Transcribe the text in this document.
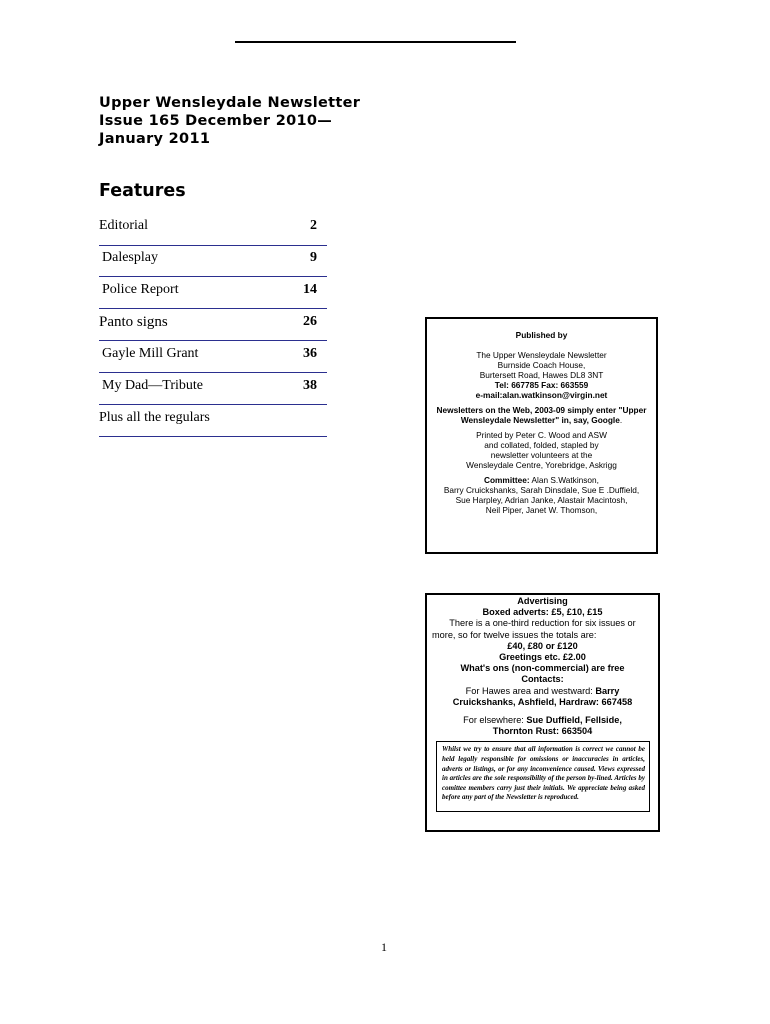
Upper Wensleydale Newsletter
Issue 165 December 2010—
January 2011
Features
Editorial	2
Dalesplay	9
Police Report	14
Panto signs	26
Gayle Mill Grant	36
My Dad—Tribute	38
Plus all the regulars
Published by
The Upper Wensleydale Newsletter
Burnside Coach House,
Burtersett Road, Hawes DL8 3NT
Tel: 667785 Fax: 663559
e-mail:alan.watkinson@virgin.net
Newsletters on the Web, 2003-09 simply enter "Upper
Wensleydale Newsletter" in, say, Google.
Printed by Peter C. Wood and ASW
and collated, folded, stapled by
newsletter volunteers at the
Wensleydale Centre, Yorebridge, Askrigg
Committee: Alan S.Watkinson,
Barry Cruickshanks, Sarah Dinsdale, Sue E .Duffield,
Sue Harpley, Adrian Janke, Alastair Macintosh,
Neil Piper, Janet W. Thomson,
Advertising
Boxed adverts: £5, £10, £15
There is a one-third reduction for six issues or
more, so for twelve issues the totals are:
£40, £80 or £120
Greetings etc. £2.00
What's ons (non-commercial) are free
Contacts:
For Hawes area and westward: Barry
Cruickshanks, Ashfield, Hardraw: 667458
For elsewhere: Sue Duffield, Fellside,
Thornton Rust: 663504
Whilst we try to ensure that all information is correct we cannot be held legally responsible for omissions or inaccuracies in articles, adverts or listings, or for any inconvenience caused. Views expressed in articles are the sole responsibility of the person by-lined. Articles by comittee members carry just their initials. We appreciate being asked before any part of the Newsletter is reproduced.
1
